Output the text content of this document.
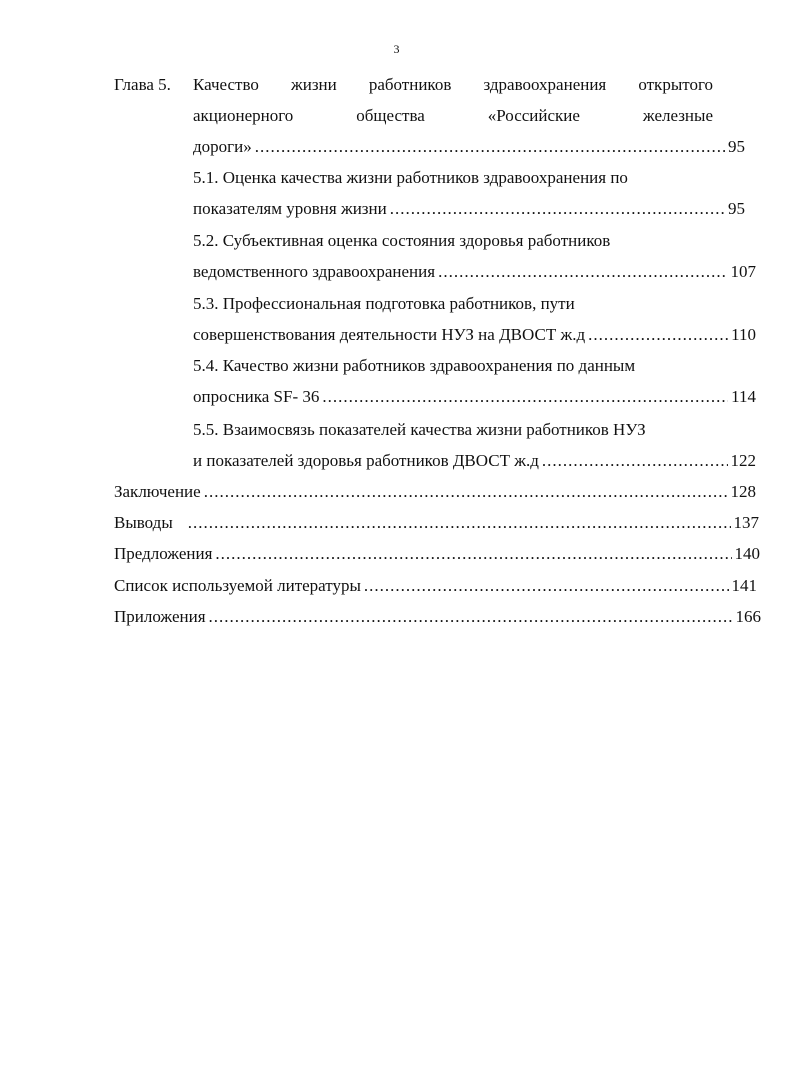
3
Глава 5. Качество жизни работников здравоохранения открытого
акционерного общества «Российские железные
дороги» .....	95
5.1. Оценка качества жизни работников здравоохранения по
показателям уровня жизни .....	95
5.2. Субъективная оценка состояния здоровья работников
ведомственного здравоохранения .....	107
5.3. Профессиональная подготовка работников, пути
совершенствования деятельности НУЗ на ДВОСТ ж.д .....	110
5.4. Качество жизни работников здравоохранения по данным
опросника SF- 36 .....	114
5.5. Взаимосвязь показателей качества жизни работников НУЗ
и показателей здоровья работников ДВОСТ ж.д .....	122
Заключение .....	128
Выводы .....	137
Предложения .....	140
Список используемой литературы .....	141
Приложения .....	166
